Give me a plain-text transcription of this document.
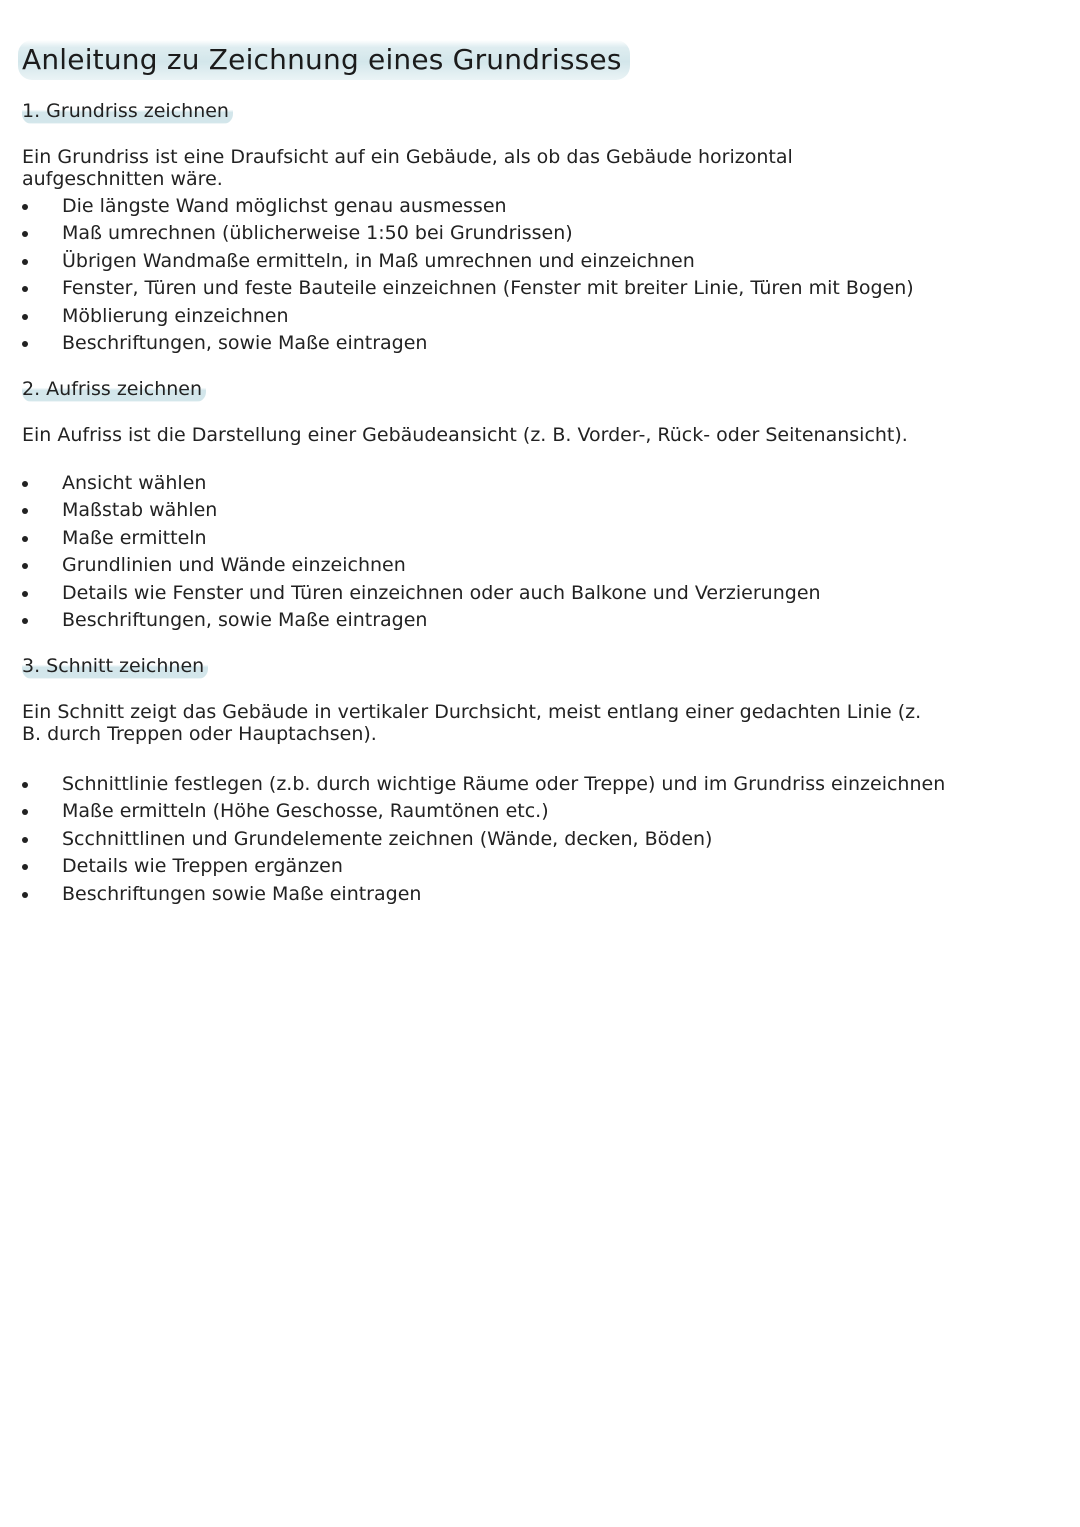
Anleitung zu Zeichnung eines Grundrisses
1. Grundriss zeichnen

Ein Grundriss ist eine Draufsicht auf ein Gebäude, als ob das Gebäude horizontal aufgeschnitten wäre.

Die längste Wand möglichst genau ausmessen
Maß umrechnen (üblicherweise 1:50 bei Grundrissen)
Übrigen Wandmaße ermitteln, in Maß umrechnen und einzeichnen
Fenster, Türen und feste Bauteile einzeichnen (Fenster mit breiter Linie, Türen mit Bogen)
Möblierung einzeichnen
Beschriftungen, sowie Maße eintragen
2. Aufriss zeichnen

Ein Aufriss ist die Darstellung einer Gebäudeansicht (z. B. Vorder-, Rück- oder Seitenansicht).

Ansicht wählen
Maßstab wählen
Maße ermitteln
Grundlinien und Wände einzeichnen
Details wie Fenster und Türen einzeichnen oder auch Balkone und Verzierungen
Beschriftungen, sowie Maße eintragen
3. Schnitt zeichnen

Ein Schnitt zeigt das Gebäude in vertikaler Durchsicht, meist entlang einer gedachten Linie (z. B. durch Treppen oder Hauptachsen).

Schnittlinie festlegen (z.b. durch wichtige Räume oder Treppe) und im Grundriss einzeichnen
Maße ermitteln (Höhe Geschosse, Raumtönen etc.)
Scchnittlinen und Grundelemente zeichnen (Wände, decken, Böden)
Details wie Treppen ergänzen
Beschriftungen sowie Maße eintragen
